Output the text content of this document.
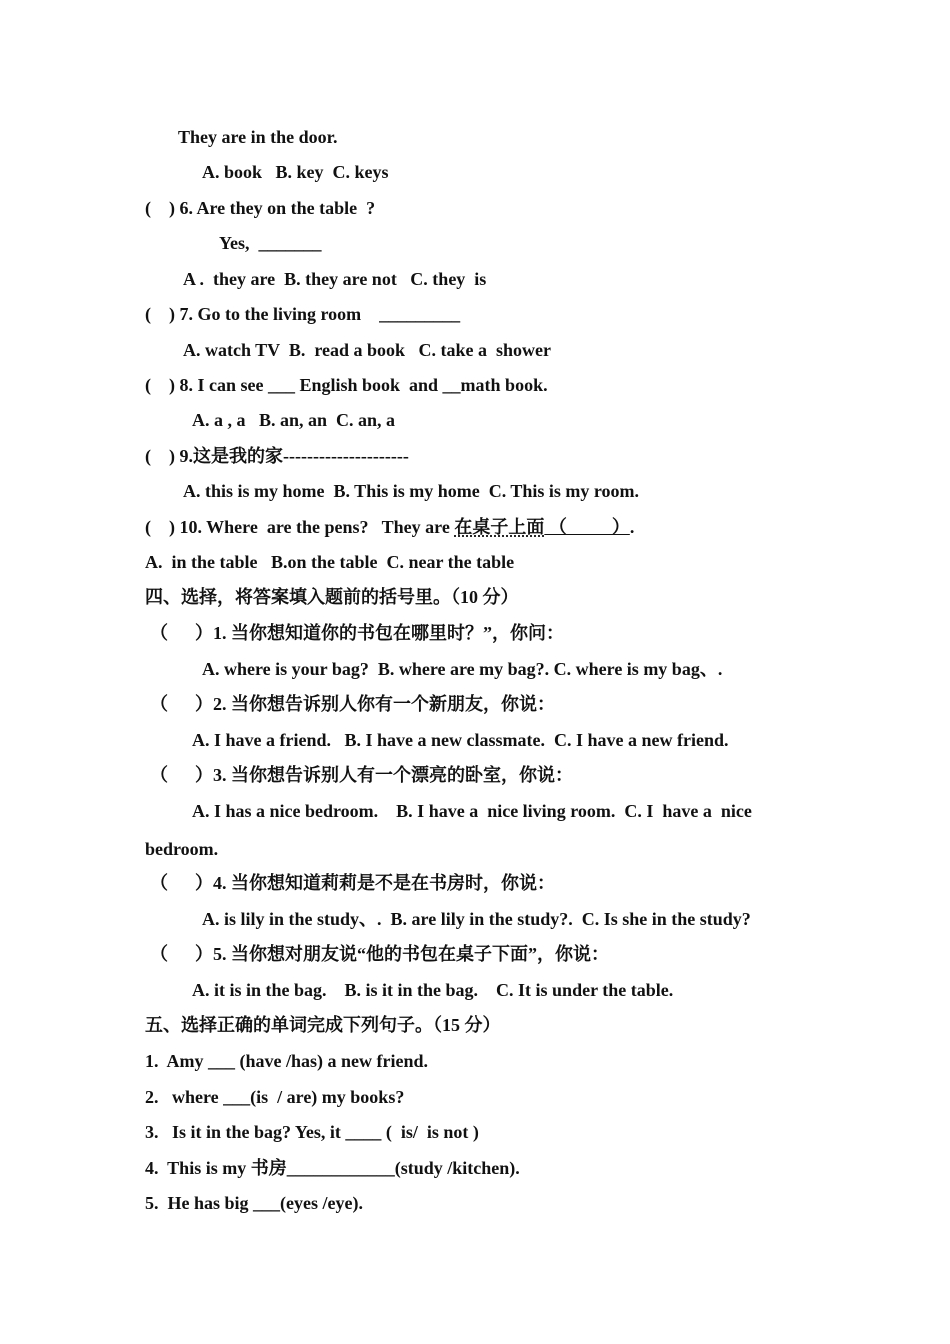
They are in the door.
A. book   B. key  C. keys
(    ) 6. Are they on the table  ?
Yes,  _______
A .  they are  B. they are not   C. they  is
(    ) 7. Go to the living room    _________
A. watch TV  B.  read a book   C. take a  shower
(    ) 8. I can see ___ English book  and __math book.
A. a , a   B. an, an  C. an, a
(    ) 9.这是我的家---------------------
A. this is my home  B. This is my home  C. This is my room.
(    ) 10. Where  are the pens?   They are 在桌子上面 （          ）.
A.  in the table   B.on the table  C. near the table
四、选择，将答案填入题前的括号里。（10 分）
（      ）1. 当你想知道你的书包在哪里时？”，你问：
A. where is your bag?  B. where are my bag?. C. where is my bag、.
（      ）2. 当你想告诉别人你有一个新朋友，你说：
A. I have a friend.   B. I have a new classmate.  C. I have a new friend.
（      ）3. 当你想告诉别人有一个漂亮的卧室，你说：
A. I has a nice bedroom.    B. I have a  nice living room.  C. I  have a  nice
bedroom.
（      ）4. 当你想知道莉莉是不是在书房时，你说：
A. is lily in the study、.  B. are lily in the study?.  C. Is she in the study?
（      ）5. 当你想对朋友说“他的书包在桌子下面”，你说：
A. it is in the bag.    B. is it in the bag.    C. It is under the table.
五、选择正确的单词完成下列句子。（15 分）
1.  Amy ___ (have /has) a new friend.
2.   where ___(is  / are) my books?
3.   Is it in the bag? Yes, it ____ (  is/  is not )
4.  This is my 书房____________(study /kitchen).
5.  He has big ___(eyes /eye).
